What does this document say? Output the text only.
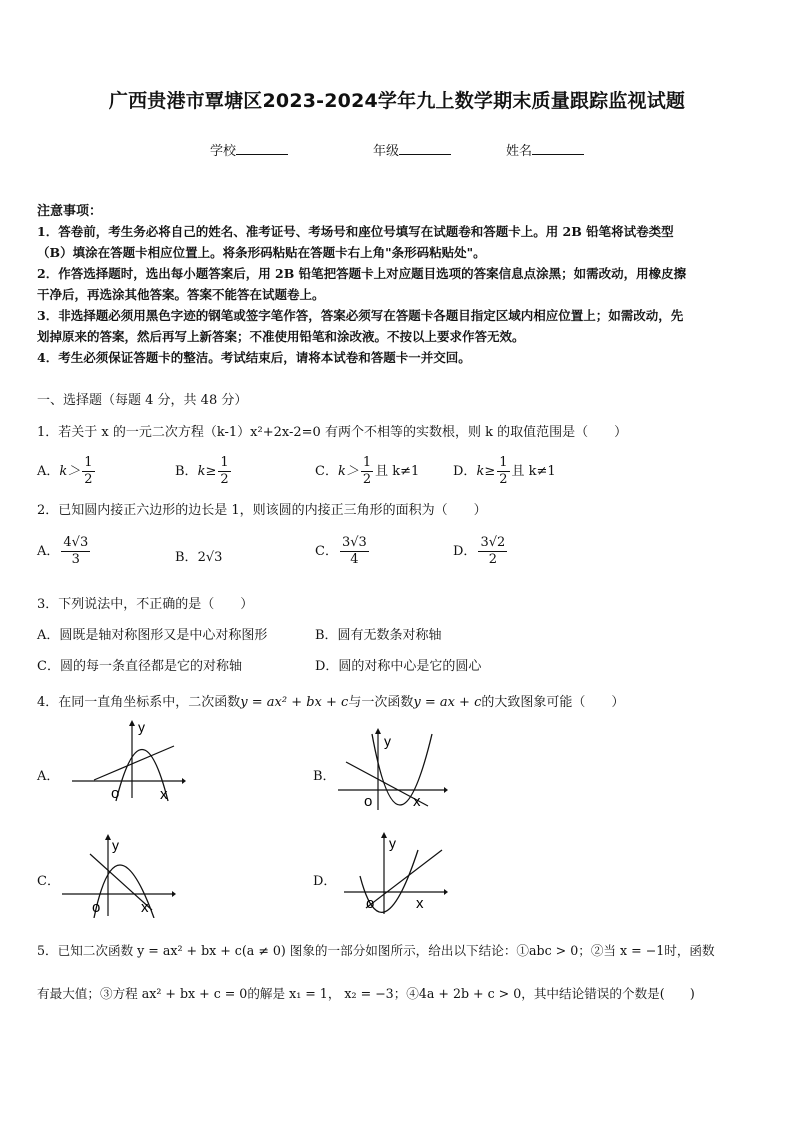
广西贵港市覃塘区2023-2024学年九上数学期末质量跟踪监视试题
学校	年级	姓名
注意事项：
1．答卷前，考生务必将自己的姓名、准考证号、考场号和座位号填写在试题卷和答题卡上。用 2B 铅笔将试卷类型
（B）填涂在答题卡相应位置上。将条形码粘贴在答题卡右上角"条形码粘贴处"。
2．作答选择题时，选出每小题答案后，用 2B 铅笔把答题卡上对应题目选项的答案信息点涂黑；如需改动，用橡皮擦
干净后，再选涂其他答案。答案不能答在试题卷上。
3．非选择题必须用黑色字迹的钢笔或签字笔作答，答案必须写在答题卡各题目指定区域内相应位置上；如需改动，先
划掉原来的答案，然后再写上新答案；不准使用铅笔和涂改液。不按以上要求作答无效。
4．考生必须保证答题卡的整洁。考试结束后，请将本试卷和答题卡一并交回。
一、选择题（每题 4 分，共 48 分）
1．若关于 x 的一元二次方程（k-1）x²+2x-2=0 有两个不相等的实数根，则 k 的取值范围是（　　）
A．$k> \frac{1}{2}$	B．$k\ge \frac{1}{2}$	C．$k> \frac{1}{2}$ 且 k≠1	D．$k\ge \frac{1}{2}$ 且 k≠1
2．已知圆内接正六边形的边长是 1，则该圆的内接正三角形的面积为（　　）
A． $\frac{4√3}{3}$	B．2√3	C． $\frac{3√3}{4}$	D． $\frac{3√2}{2}$
3．下列说法中，不正确的是（　　）
A．圆既是轴对称图形又是中心对称图形	B．圆有无数条对称轴
C．圆的每一条直径都是它的对称轴	D．圆的对称中心是它的圆心
4．在同一直角坐标系中，二次函数y = ax² + bx + c与一次函数y = ax + c的大致图象可能（　　）
A．	B．
C．	D．
y
o	x
y
o	x
y
o	x
y
o	x
5．已知二次函数 y = ax² + bx + c(a ≠ 0) 图象的一部分如图所示，给出以下结论：①abc > 0；②当 x = −1时，函数
有最大值；③方程 ax² + bx + c = 0的解是 x₁ = 1， x₂ = −3；④4a + 2b + c > 0，其中结论错误的个数是(　　)
